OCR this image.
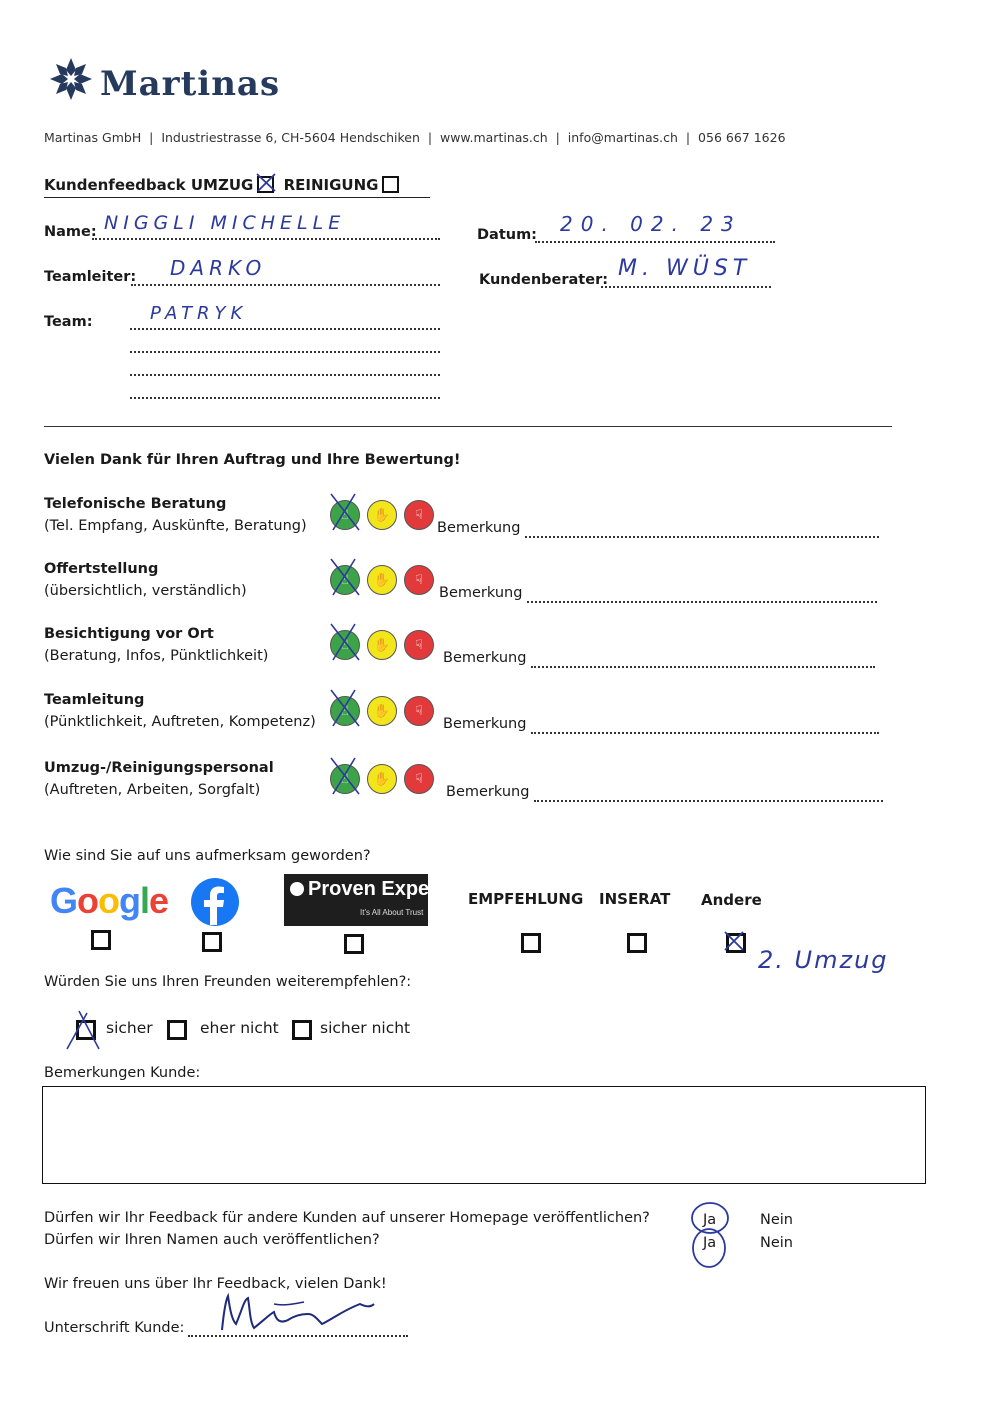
Martinas
Martinas GmbH  |  Industriestrasse 6, CH-5604 Hendschiken  |  www.martinas.ch  |  info@martinas.ch  |  056 667 1626
Kundenfeedback UMZUG REINIGUNG
Name: NIGGLI MICHELLE
Datum: 20. 02. 23
Teamleiter: DARKO	Kundenberater: M. WÜST
Team:	PATRYK
Vielen Dank für Ihren Auftrag und Ihre Bewertung!
Telefonische Beratung
(Tel. Empfang, Auskünfte, Beratung)
☝	✋	☟
Bemerkung
Offertstellung
(übersichtlich, verständlich)
☝	✋	☟
Bemerkung
Besichtigung vor Ort
(Beratung, Infos, Pünktlichkeit)
☝	✋	☟
Bemerkung
Teamleitung
(Pünktlichkeit, Auftreten, Kompetenz)
☝	✋	☟
Bemerkung
Umzug-/Reinigungspersonal
(Auftreten, Arbeiten, Sorgfalt)
☝	✋	☟
Bemerkung
Wie sind Sie auf uns aufmerksam geworden?
Google	Proven Expert
It's All About Trust
EMPFEHLUNG INSERAT Andere
2. Umzug
Würden Sie uns Ihren Freunden weiterempfehlen?:
sicher	eher nicht	sicher nicht
Bemerkungen Kunde:
Dürfen wir Ihr Feedback für andere Kunden auf unserer Homepage veröffentlichen?
Dürfen wir Ihren Namen auch veröffentlichen?
Ja	Nein
Ja	Nein
Wir freuen uns über Ihr Feedback, vielen Dank!
Unterschrift Kunde:
